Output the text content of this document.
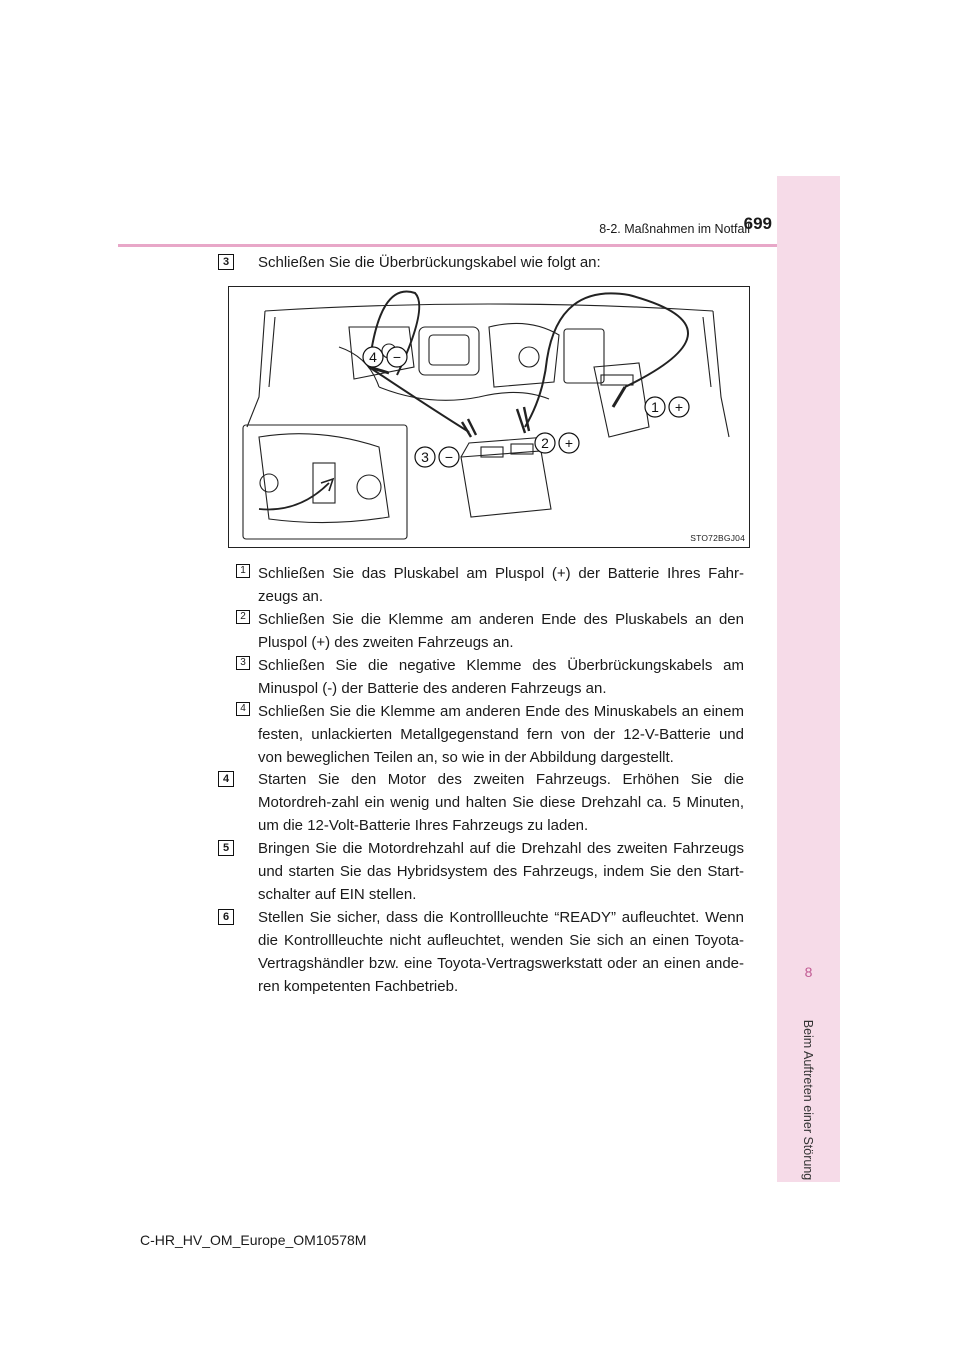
8-2. Maßnahmen im Notfall
699
8
Beim Auftreten einer Störung
3	Schließen Sie die Überbrückungskabel wie folgt an:

4 −
1 +
2 +
3 −
STO72BGJ04
1 Schließen Sie das Pluskabel am Pluspol (+) der Batterie Ihres Fahr-zeugs an.

2 Schließen Sie die Klemme am anderen Ende des Pluskabels an den Pluspol (+) des zweiten Fahrzeugs an.

3 Schließen Sie die negative Klemme des Überbrückungskabels am Minuspol (-) der Batterie des anderen Fahrzeugs an.

4 Schließen Sie die Klemme am anderen Ende des Minuskabels an einem festen, unlackierten Metallgegenstand fern von der 12-V-Batterie und von beweglichen Teilen an, so wie in der Abbildung dargestellt.

4	Starten Sie den Motor des zweiten Fahrzeugs. Erhöhen Sie die Motordreh-zahl ein wenig und halten Sie diese Drehzahl ca. 5 Minuten, um die 12-Volt-Batterie Ihres Fahrzeugs zu laden.

5	Bringen Sie die Motordrehzahl auf die Drehzahl des zweiten Fahrzeugs und starten Sie das Hybridsystem des Fahrzeugs, indem Sie den Start-schalter auf EIN stellen.

6	Stellen Sie sicher, dass die Kontrollleuchte “READY” aufleuchtet. Wenn die Kontrollleuchte nicht aufleuchtet, wenden Sie sich an einen Toyota-Vertragshändler bzw. eine Toyota-Vertragswerkstatt oder an einen ande-ren kompetenten Fachbetrieb.

C-HR_HV_OM_Europe_OM10578M
